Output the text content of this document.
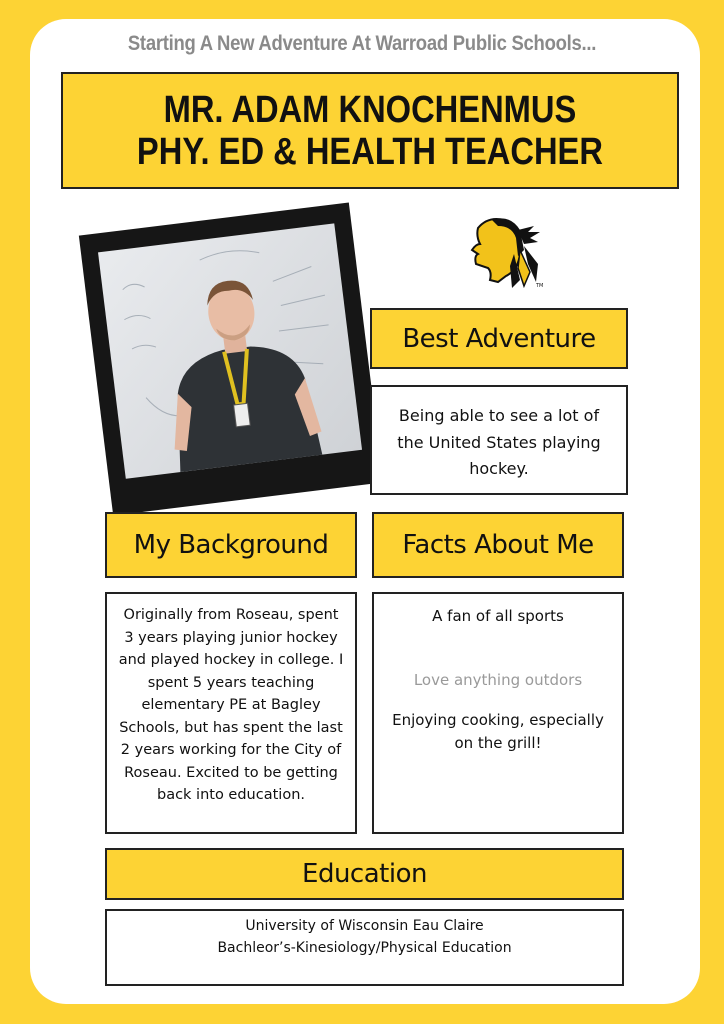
Starting A New Adventure At Warroad Public Schools...
MR. ADAM KNOCHENMUS
PHY. ED & HEALTH TEACHER
TM
Best Adventure
Being able to see a lot of the United States playing hockey.
My Background	Facts About Me
Originally from Roseau, spent 3 years playing junior hockey and played hockey in college. I spent 5 years teaching elementary PE at Bagley Schools, but has spent the last 2 years working for the City of Roseau. Excited to be getting back into education.
A fan of all sports
Love anything outdors
Enjoying cooking, especially on the grill!
Education
University of Wisconsin Eau Claire
Bachleor’s-Kinesiology/Physical Education
